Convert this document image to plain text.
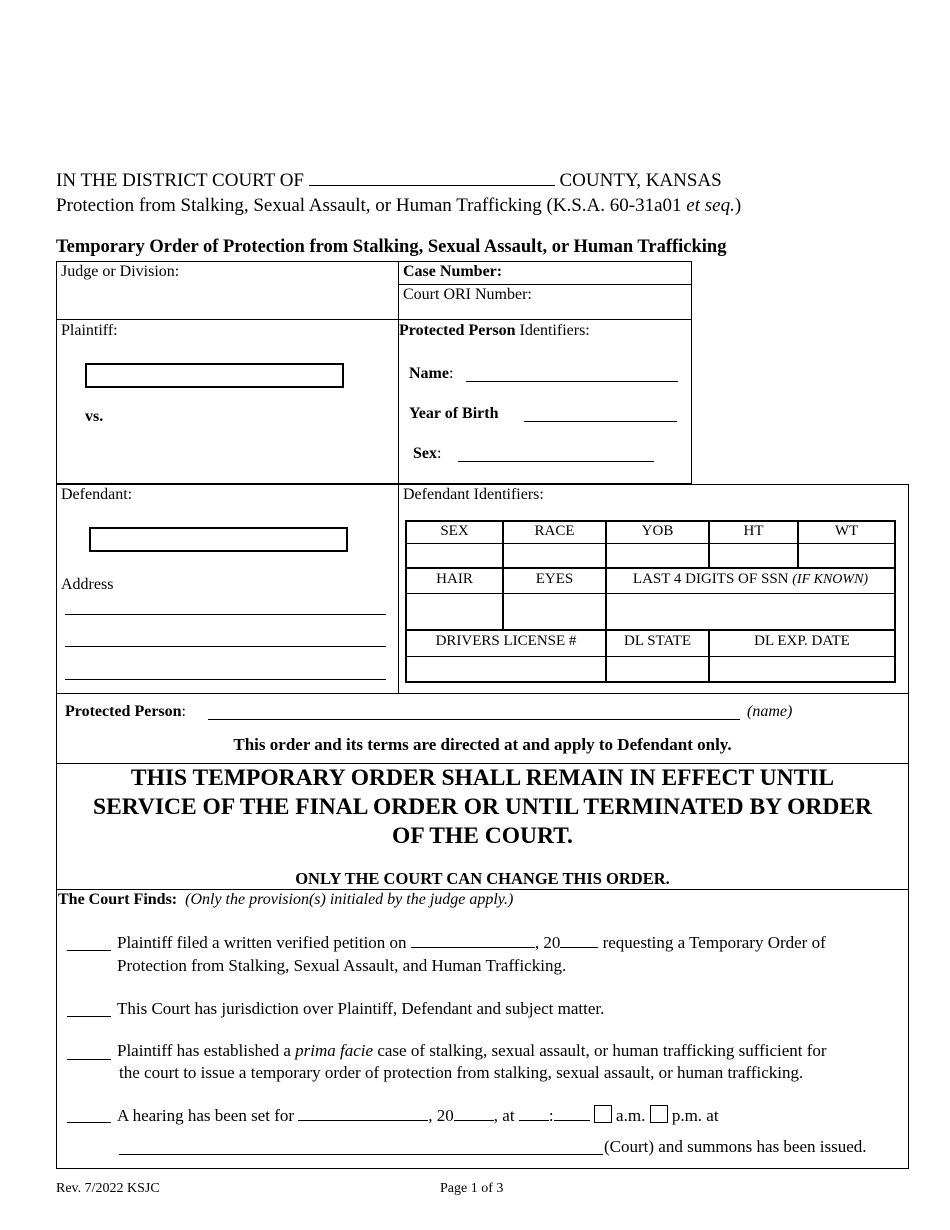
IN THE DISTRICT COURT OF	COUNTY, KANSAS
Protection from Stalking, Sexual Assault, or Human Trafficking (K.S.A. 60-31a01 et seq.)
Temporary Order of Protection from Stalking, Sexual Assault, or Human Trafficking
Judge or Division:	Case Number:
Court ORI Number:
Plaintiff:
vs.
Protected Person Identifiers:
Name:
Year of Birth
Sex:
Defendant:
Address
Defendant Identifiers:
SEX	RACE	YOB	HT	WT
HAIR	EYES	LAST 4 DIGITS OF SSN (IF KNOWN)
DRIVERS LICENSE #	DL STATE	DL EXP. DATE
Protected Person:	(name)
This order and its terms are directed at and apply to Defendant only.
THIS TEMPORARY ORDER SHALL REMAIN IN EFFECT UNTIL
SERVICE OF THE FINAL ORDER OR UNTIL TERMINATED BY ORDER
OF THE COURT.
ONLY THE COURT CAN CHANGE THIS ORDER.
The Court Finds: (Only the provision(s) initialed by the judge apply.)
Plaintiff filed a written verified petition on	, 20 requesting a Temporary Order of
Protection from Stalking, Sexual Assault, and Human Trafficking.
This Court has jurisdiction over Plaintiff, Defendant and subject matter.
Plaintiff has established a prima facie case of stalking, sexual assault, or human trafficking sufficient for
the court to issue a temporary order of protection from stalking, sexual assault, or human trafficking.
A hearing has been set for	, 20 , at :	a.m. p.m. at
(Court) and summons has been issued.
Rev. 7/2022 KSJC	Page 1 of 3
